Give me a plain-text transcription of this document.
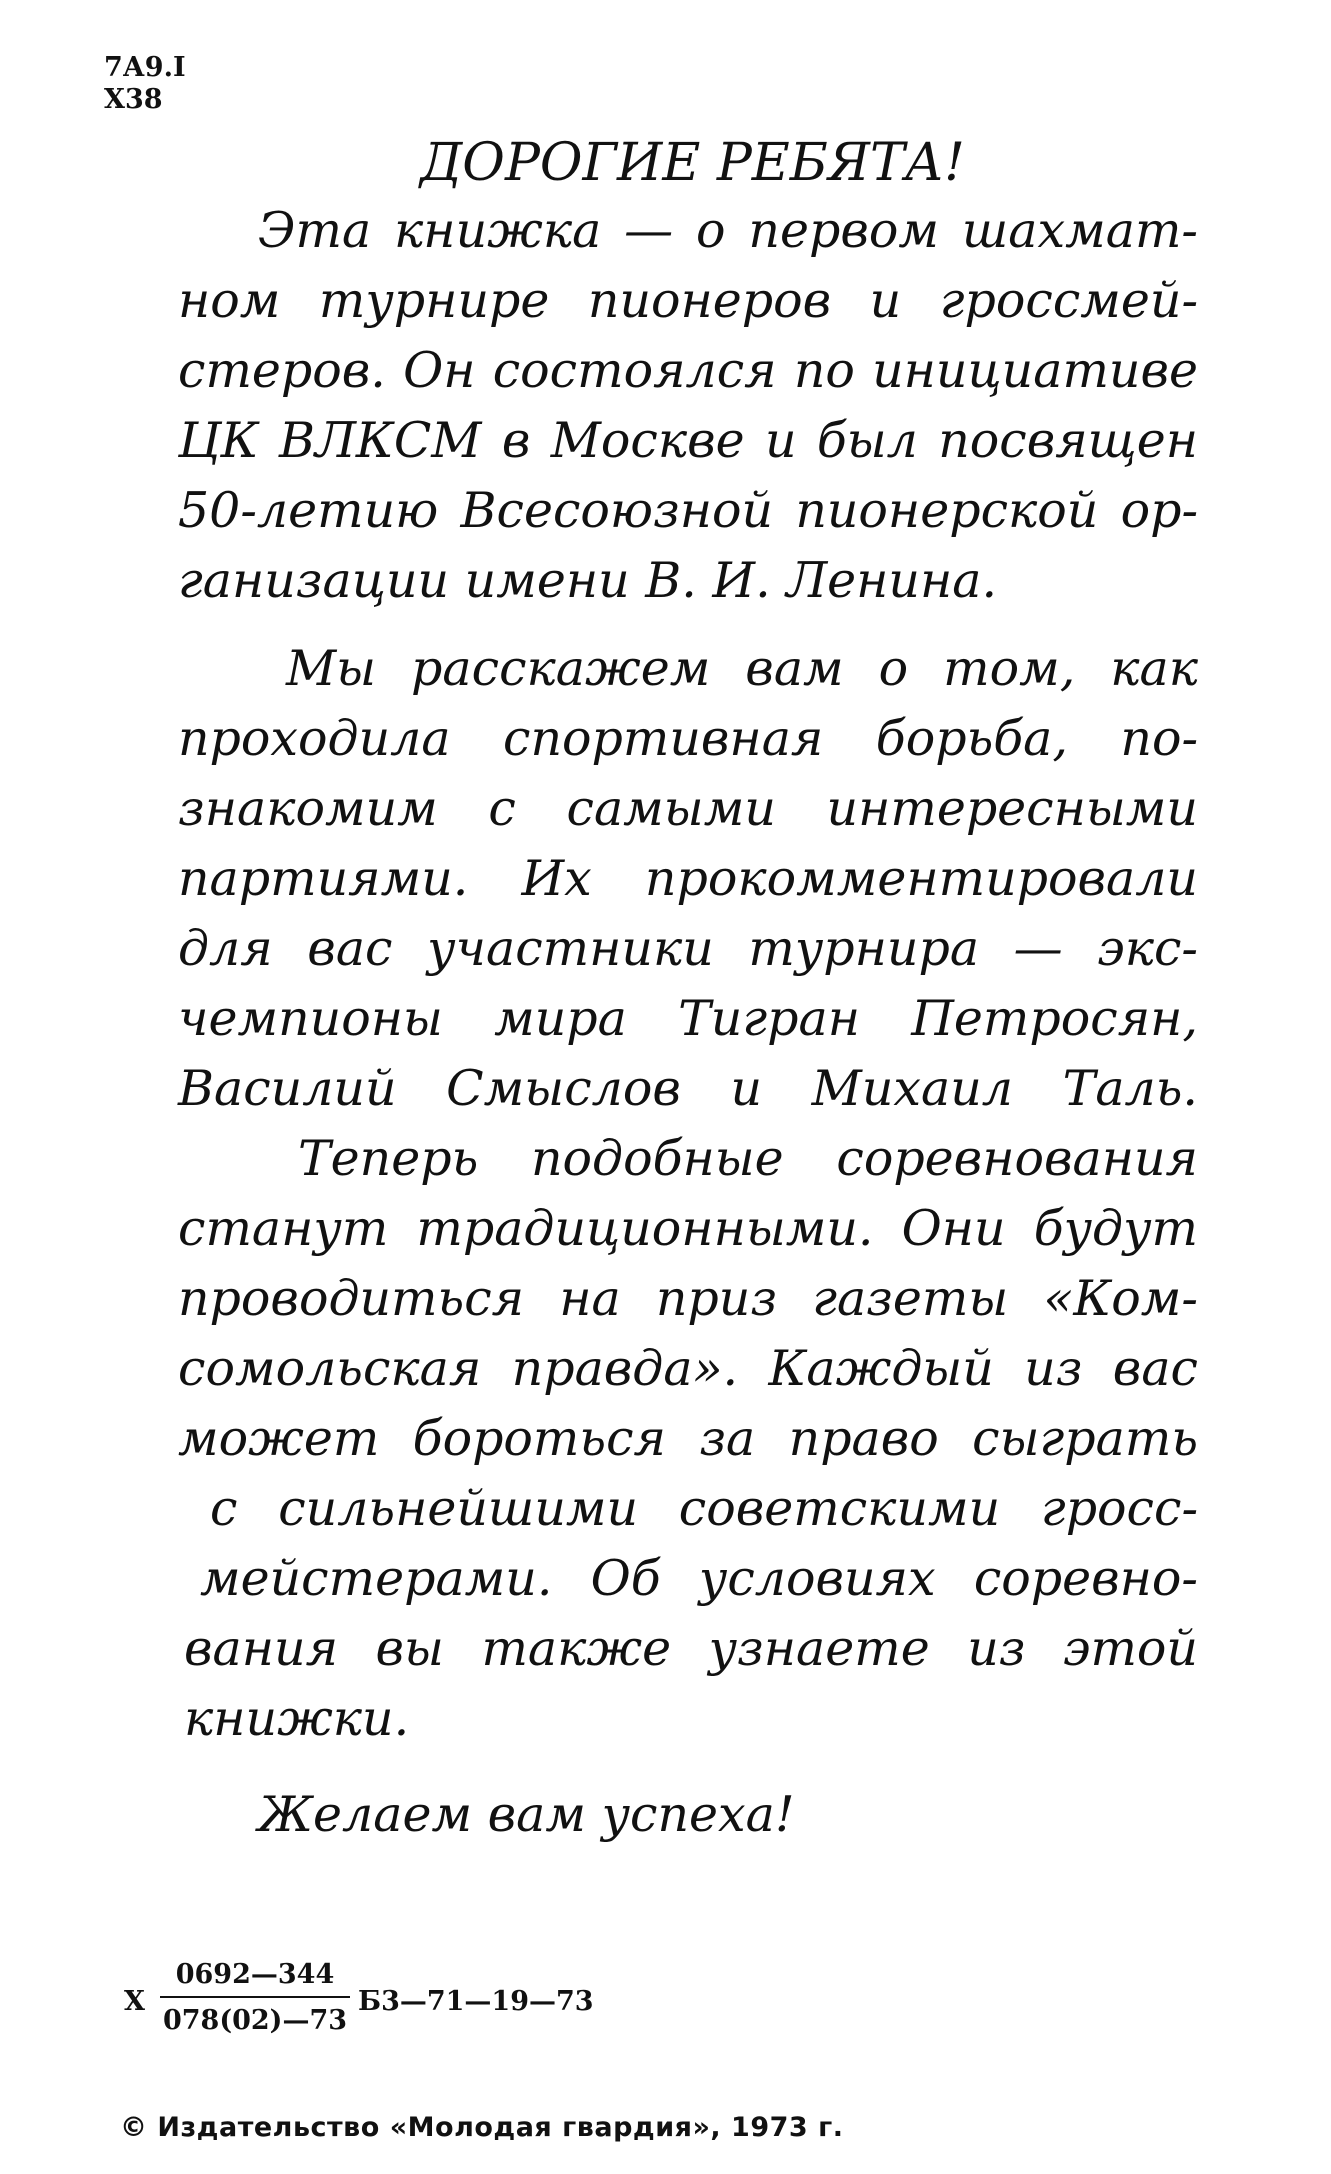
7А9.I
Х38
ДОРОГИЕ РЕБЯТА!
Эта книжка — о первом шахмат-
ном турнире пионеров и гроссмей-
стеров. Он состоялся по инициативе
ЦК ВЛКСМ в Москве и был посвящен
50-летию Всесоюзной пионерской ор-
ганизации имени В. И. Ленина.
Мы расскажем вам о том, как
проходила спортивная борьба, по-
знакомим с самыми интересными
партиями. Их прокомментировали
для вас участники турнира — экс-
чемпионы мира Тигран Петросян,
Василий Смыслов и Михаил Таль.
Теперь подобные соревнования
станут традиционными. Они будут
проводиться на приз газеты «Ком-
сомольская правда». Каждый из вас
может бороться за право сыграть
с сильнейшими советскими гросс-
мейстерами. Об условиях соревно-
вания вы также узнаете из этой
книжки.
Желаем вам успеха!
Х
0692—344
078(02)—73
Б3—71—19—73
© Издательство «Молодая гвардия», 1973 г.
